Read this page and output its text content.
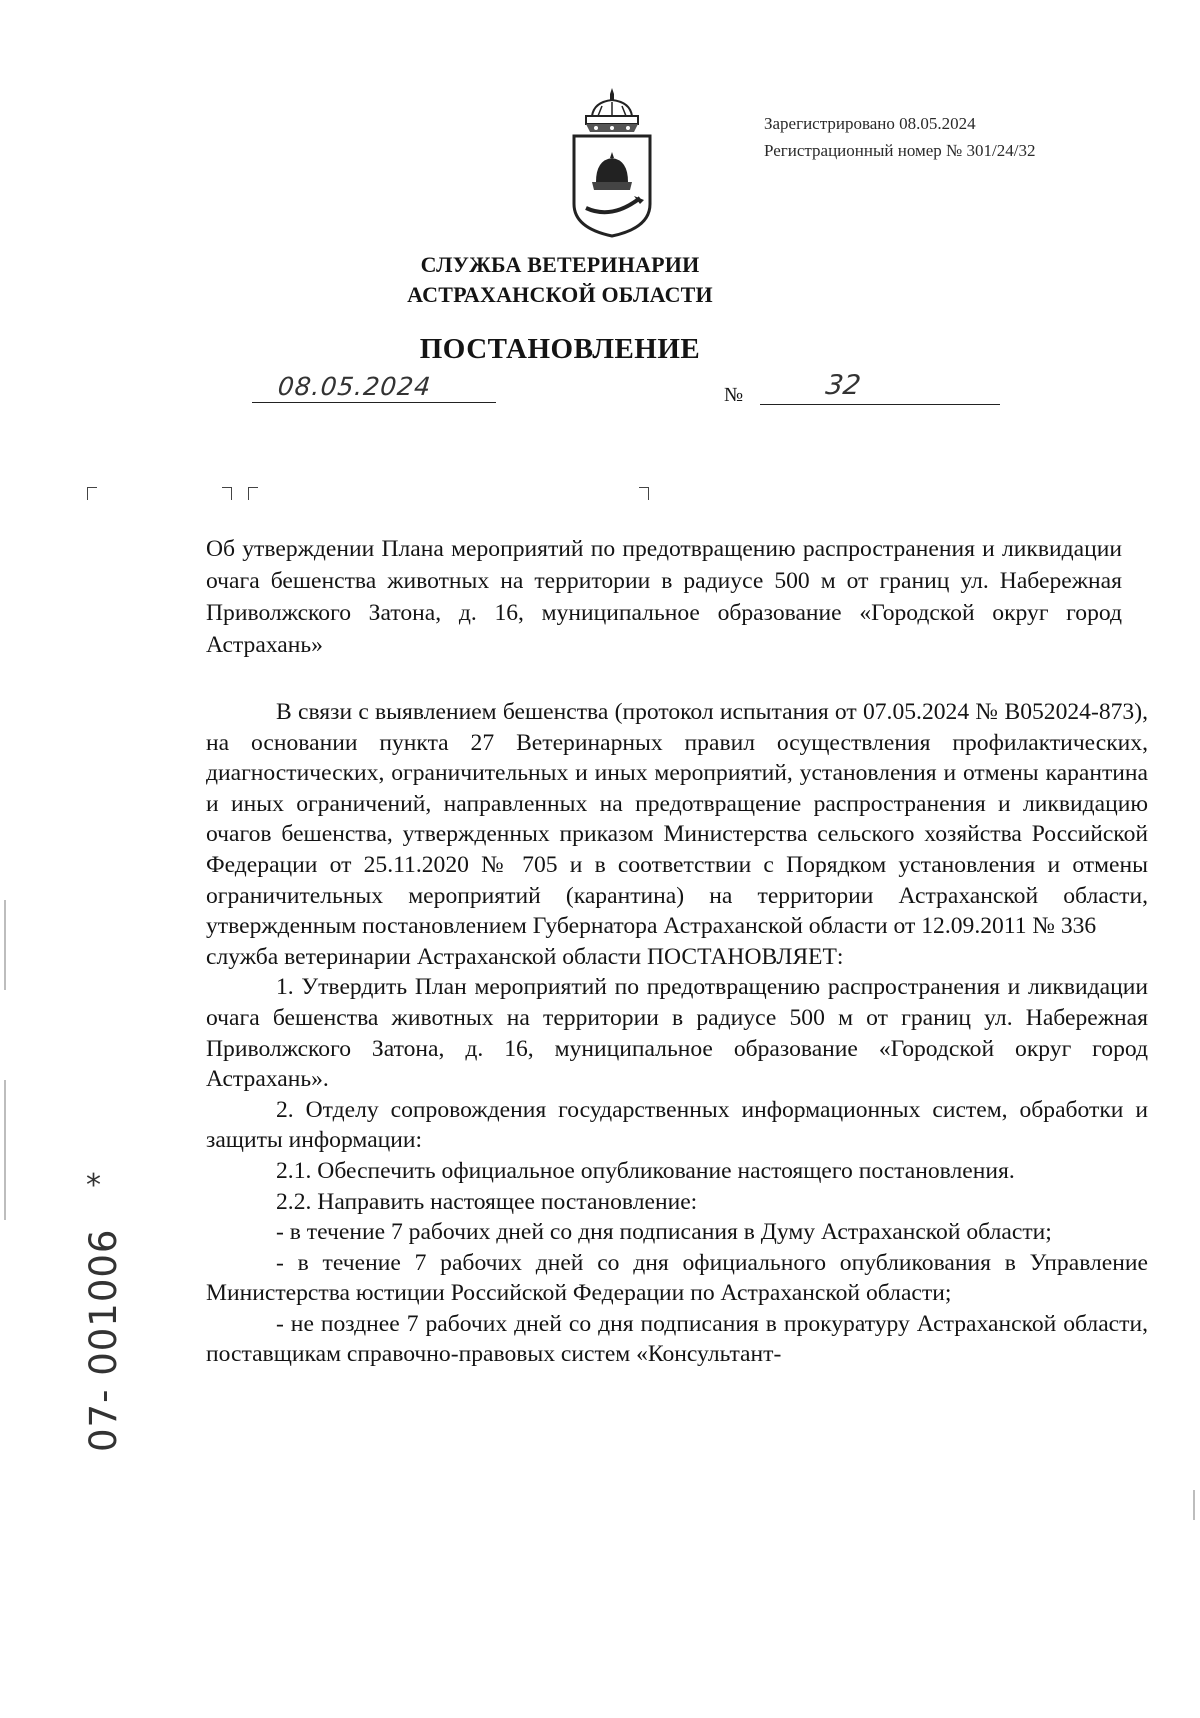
Зарегистрировано 08.05.2024
Регистрационный номер № 301/24/32
СЛУЖБА ВЕТЕРИНАРИИ
АСТРАХАНСКОЙ ОБЛАСТИ
ПОСТАНОВЛЕНИЕ
08.05.2024	№	32

Об утверждении Плана мероприятий по предотвращению распространения и ликвидации очага бешенства животных на территории в радиусе 500 м от границ ул. Набережная Приволжского Затона, д. 16, муниципальное образование «Городской округ город Астрахань»

В связи с выявлением бешенства (протокол испытания от 07.05.2024 № В052024-873), на основании пункта 27 Ветеринарных правил осуществления профилактических, диагностических, ограничительных и иных мероприятий, установления и отмены карантина и иных ограничений, направленных на предотвращение распространения и ликвидацию очагов бешенства, утвержденных приказом Министерства сельского хозяйства Российской Федерации от 25.11.2020 № 705 и в соответствии с Порядком установления и отмены ограничительных мероприятий (карантина) на территории Астраханской области, утвержденным постановлением Губернатора Астраханской области от 12.09.2011 № 336

служба ветеринарии Астраханской области ПОСТАНОВЛЯЕТ:

1. Утвердить План мероприятий по предотвращению распространения и ликвидации очага бешенства животных на территории в радиусе 500 м от границ ул. Набережная Приволжского Затона, д. 16, муниципальное образование «Городской округ город Астрахань».

2. Отделу сопровождения государственных информационных систем, обработки и защиты информации:

2.1. Обеспечить официальное опубликование настоящего постановления.

2.2. Направить настоящее постановление:

- в течение 7 рабочих дней со дня подписания в Думу Астраханской области;

- в течение 7 рабочих дней со дня официального опубликования в Управление Министерства юстиции Российской Федерации по Астраханской области;

- не позднее 7 рабочих дней со дня подписания в прокуратуру Астраханской области, поставщикам справочно-правовых систем «Консультант-

*
07- 001006
